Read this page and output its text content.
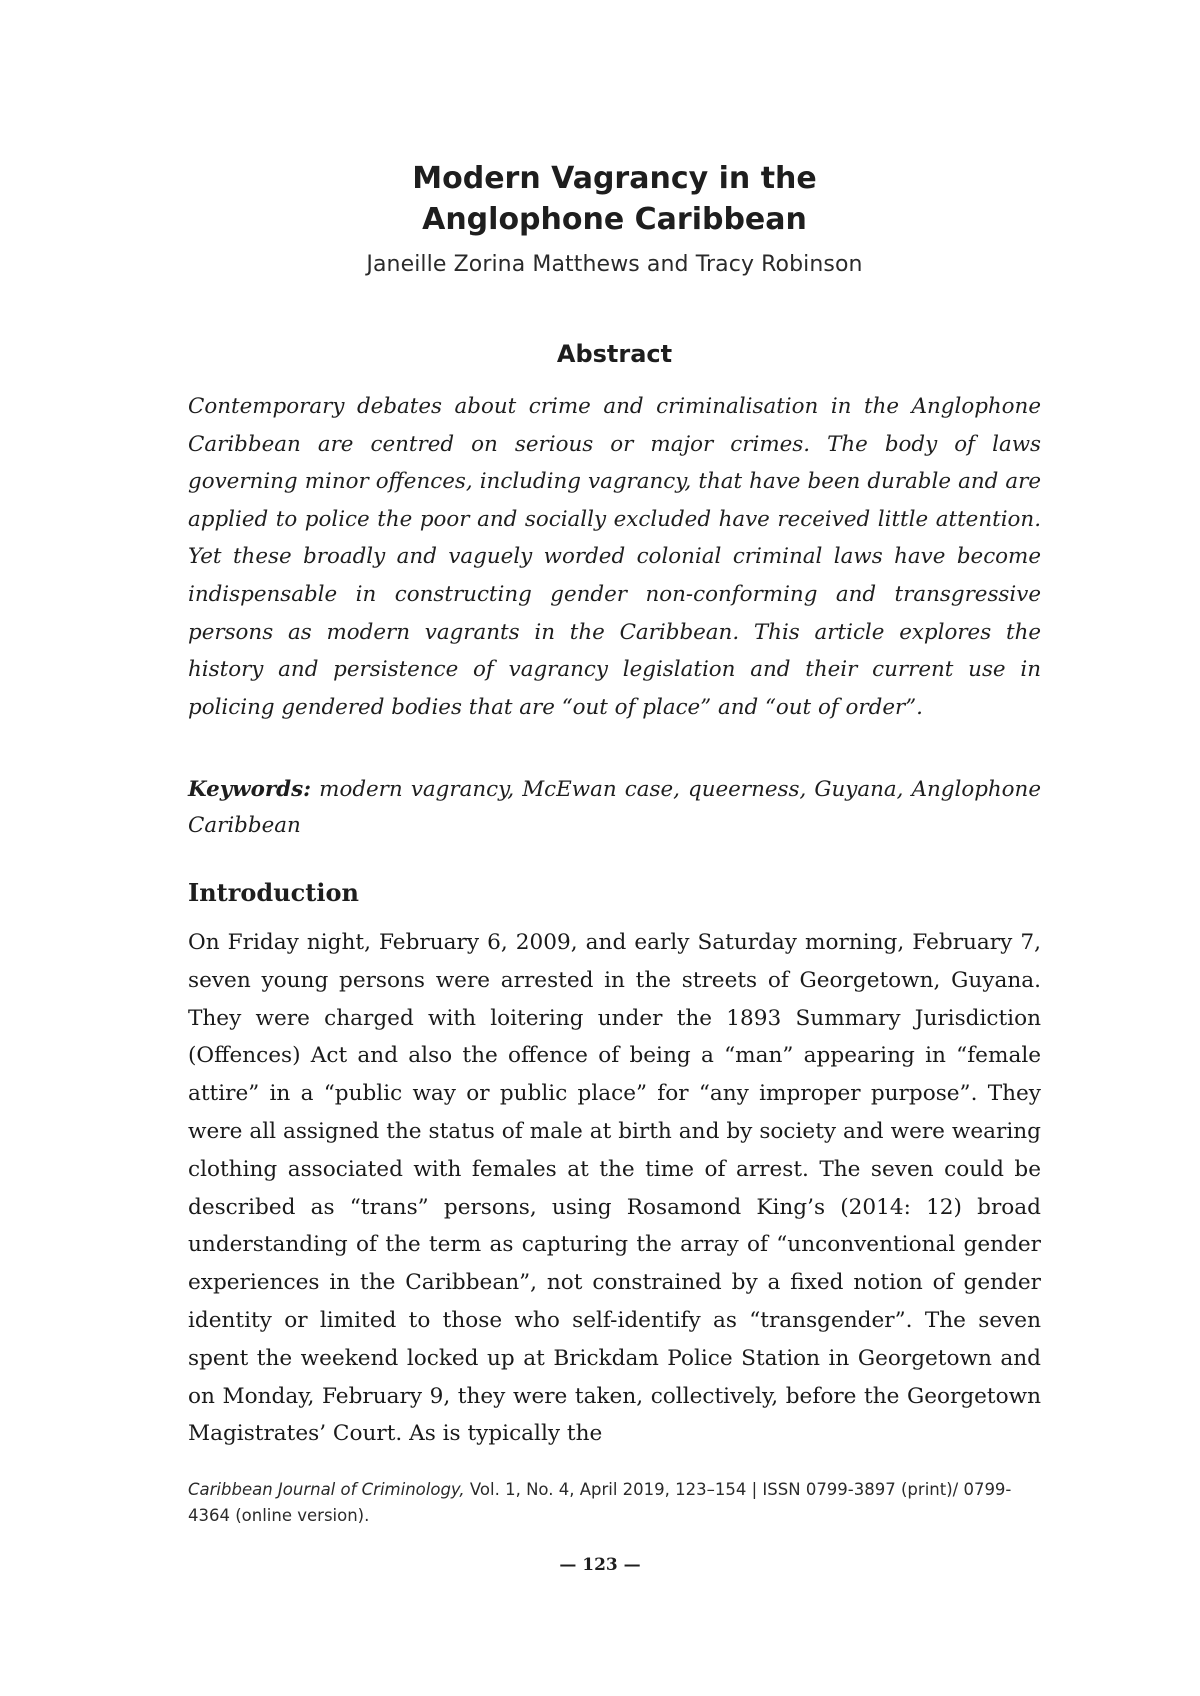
Modern Vagrancy in the
Anglophone Caribbean
Janeille Zorina Matthews and Tracy Robinson
Abstract

Contemporary debates about crime and criminalisation in the Anglophone Caribbean are centred on serious or major crimes. The body of laws governing minor offences, including vagrancy, that have been durable and are applied to police the poor and socially excluded have received little attention. Yet these broadly and vaguely worded colonial criminal laws have become indispensable in constructing gender non-conforming and transgressive persons as modern vagrants in the Caribbean. This article explores the history and persistence of vagrancy legislation and their current use in policing gendered bodies that are “out of place” and “out of order”.

Keywords: modern vagrancy, McEwan case, queerness, Guyana, Anglophone Caribbean

Introduction

On Friday night, February 6, 2009, and early Saturday morning, February 7, seven young persons were arrested in the streets of Georgetown, Guyana. They were charged with loitering under the 1893 Summary Jurisdiction (Offences) Act and also the offence of being a “man” appearing in “female attire” in a “public way or public place” for “any improper purpose”. They were all assigned the status of male at birth and by society and were wearing clothing associated with females at the time of arrest. The seven could be described as “trans” persons, using Rosamond King’s (2014: 12) broad understanding of the term as capturing the array of “unconventional gender experiences in the Caribbean”, not constrained by a fixed notion of gender identity or limited to those who self-identify as “transgender”. The seven spent the weekend locked up at Brickdam Police Station in Georgetown and on Monday, February 9, they were taken, collectively, before the Georgetown Magistrates’ Court. As is typically the

Caribbean Journal of Criminology, Vol. 1, No. 4, April 2019, 123–154 | ISSN 0799-3897 (print)/ 0799-4364 (online version).
— 123 —
